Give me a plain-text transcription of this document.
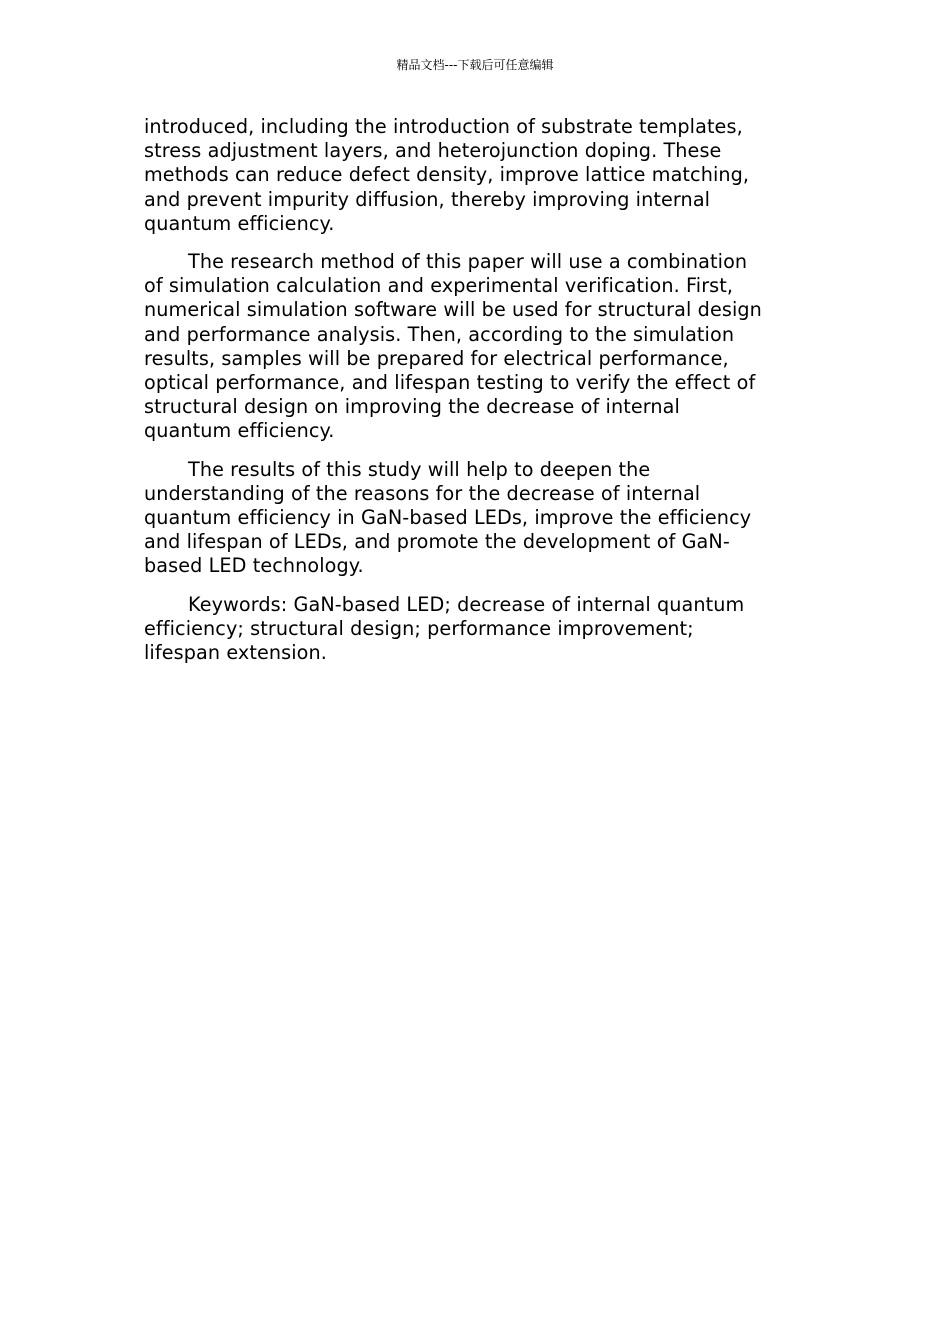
精品文档---下载后可任意编辑

introduced, including the introduction of substrate templates,
stress adjustment layers, and heterojunction doping. These
methods can reduce defect density, improve lattice matching,
and prevent impurity diffusion, thereby improving internal
quantum efficiency.

The research method of this paper will use a combination
of simulation calculation and experimental verification. First,
numerical simulation software will be used for structural design
and performance analysis. Then, according to the simulation
results, samples will be prepared for electrical performance,
optical performance, and lifespan testing to verify the effect of
structural design on improving the decrease of internal
quantum efficiency.

The results of this study will help to deepen the
understanding of the reasons for the decrease of internal
quantum efficiency in GaN-based LEDs, improve the efficiency
and lifespan of LEDs, and promote the development of GaN-
based LED technology.

Keywords: GaN-based LED; decrease of internal quantum
efficiency; structural design; performance improvement;
lifespan extension.
